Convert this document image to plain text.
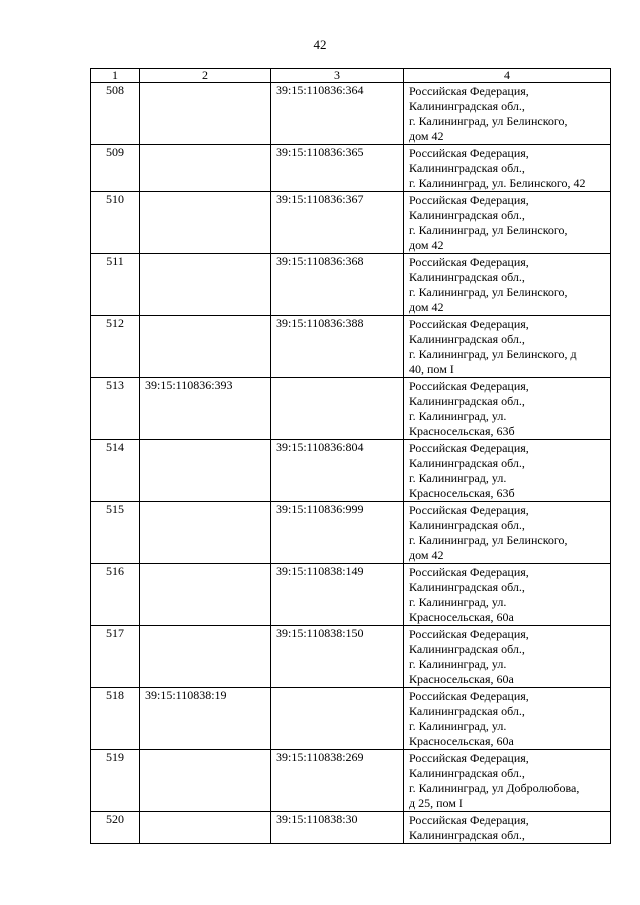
42
1	2	3	4
508		39:15:110836:364	Российская Федерация,
Калининградская обл.,
г. Калининград, ул Белинского,
дом 42

509		39:15:110836:365	Российская Федерация,
Калининградская обл.,
г. Калининград, ул. Белинского, 42

510		39:15:110836:367	Российская Федерация,
Калининградская обл.,
г. Калининград, ул Белинского,
дом 42

511		39:15:110836:368	Российская Федерация,
Калининградская обл.,
г. Калининград, ул Белинского,
дом 42

512		39:15:110836:388	Российская Федерация,
Калининградская обл.,
г. Калининград, ул Белинского, д
40, пом I

513	39:15:110836:393		Российская Федерация,
Калининградская обл.,
г. Калининград, ул.
Красносельская, 63б

514		39:15:110836:804	Российская Федерация,
Калининградская обл.,
г. Калининград, ул.
Красносельская, 63б

515		39:15:110836:999	Российская Федерация,
Калининградская обл.,
г. Калининград, ул Белинского,
дом 42

516		39:15:110838:149	Российская Федерация,
Калининградская обл.,
г. Калининград, ул.
Красносельская, 60а

517		39:15:110838:150	Российская Федерация,
Калининградская обл.,
г. Калининград, ул.
Красносельская, 60а

518	39:15:110838:19		Российская Федерация,
Калининградская обл.,
г. Калининград, ул.
Красносельская, 60а

519		39:15:110838:269	Российская Федерация,
Калининградская обл.,
г. Калининград, ул Добролюбова,
д 25, пом I

520		39:15:110838:30	Российская Федерация,
Калининградская обл.,
